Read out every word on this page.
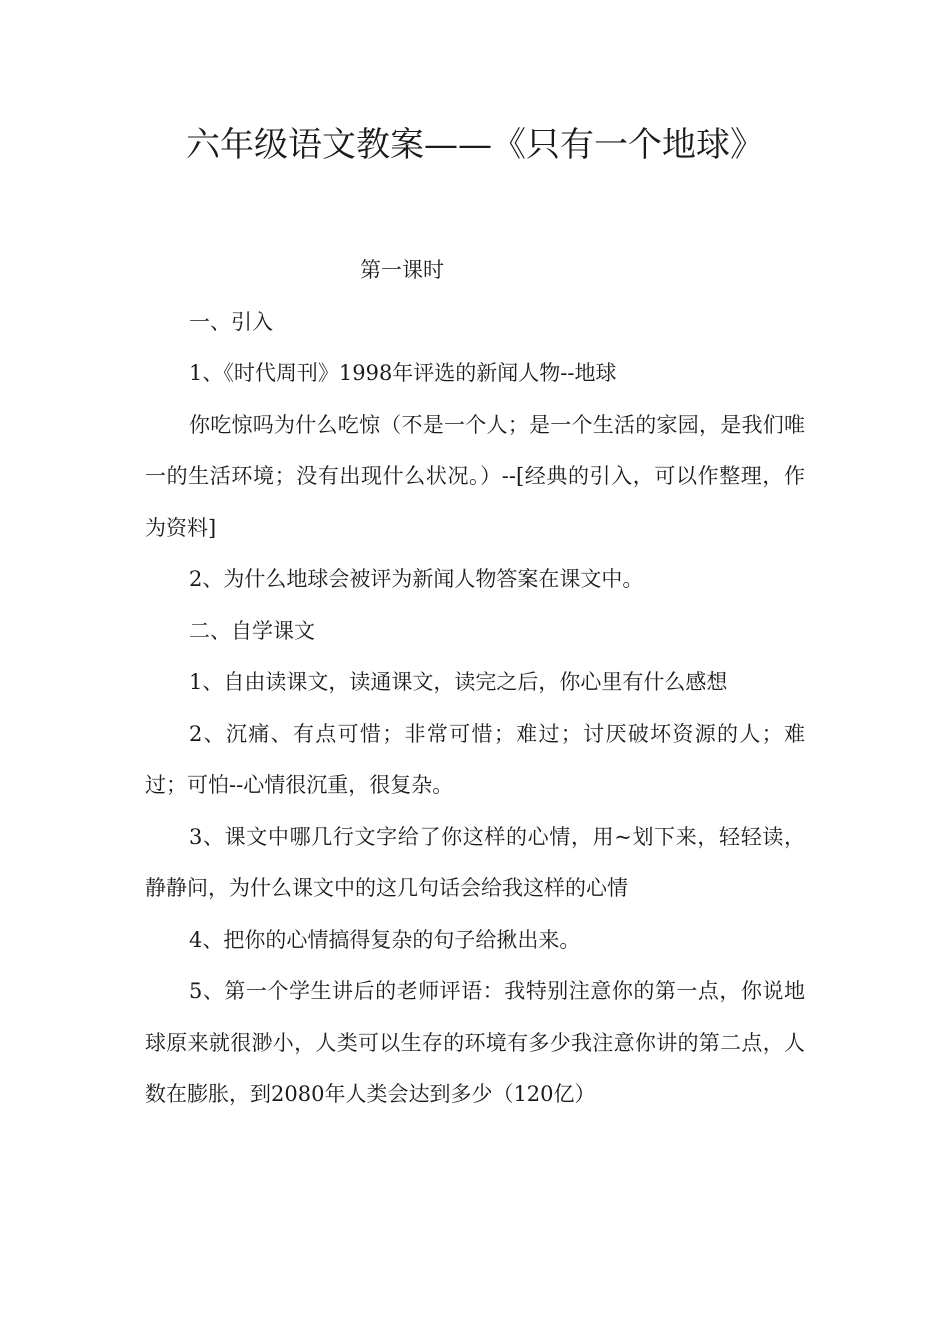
六年级语文教案——《只有一个地球》

第一课时

一、引入

1、《时代周刊》1998年评选的新闻人物--地球

你吃惊吗为什么吃惊（不是一个人；是一个生活的家园，是我们唯一的生活环境；没有出现什么状况。）--[经典的引入，可以作整理，作为资料]

2、为什么地球会被评为新闻人物答案在课文中。

二、自学课文

1、自由读课文，读通课文，读完之后，你心里有什么感想

2、沉痛、有点可惜；非常可惜；难过；讨厌破坏资源的人；难过；可怕--心情很沉重，很复杂。

3、课文中哪几行文字给了你这样的心情，用~划下来，轻轻读，静静问，为什么课文中的这几句话会给我这样的心情

4、把你的心情搞得复杂的句子给揪出来。

5、第一个学生讲后的老师评语：我特别注意你的第一点，你说地球原来就很渺小，人类可以生存的环境有多少我注意你讲的第二点，人数在膨胀，到2080年人类会达到多少（120亿）
